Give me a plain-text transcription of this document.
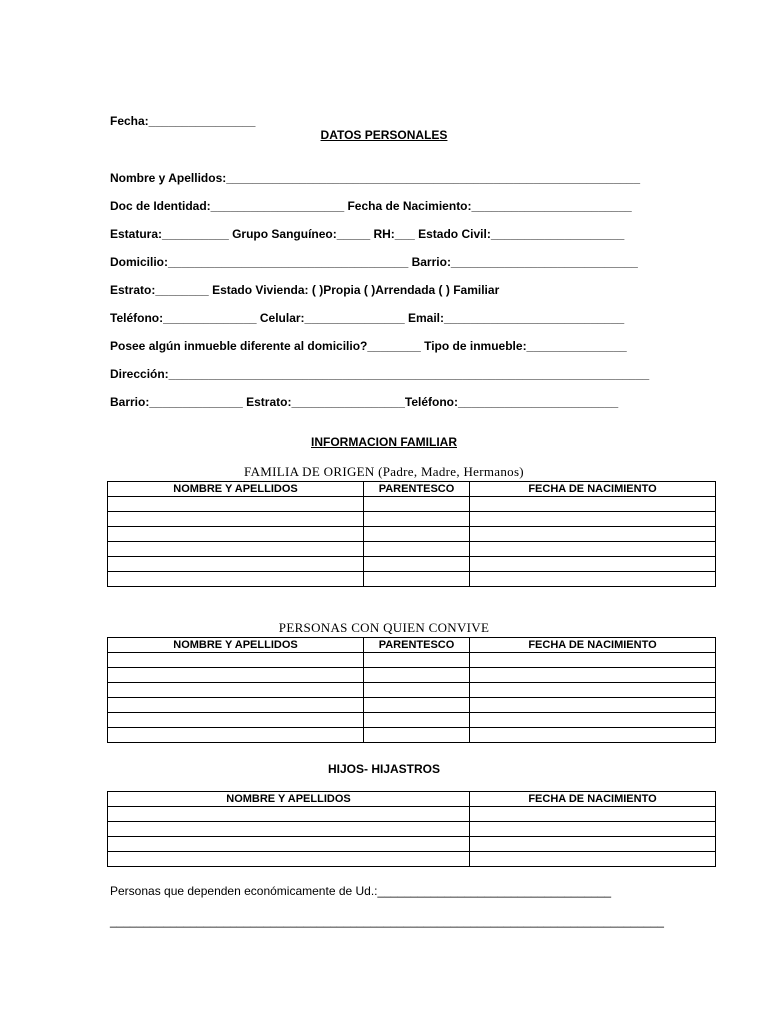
Fecha:________________
DATOS PERSONALES
Nombre y Apellidos:______________________________________________________________
Doc de Identidad:____________________ Fecha de Nacimiento:________________________
Estatura:__________ Grupo Sanguíneo:_____ RH:___ Estado Civil:____________________
Domicilio:____________________________________ Barrio:____________________________
Estrato:________ Estado Vivienda: ( )Propia ( )Arrendada ( ) Familiar
Teléfono:______________ Celular:_______________ Email:___________________________
Posee algún inmueble diferente al domicilio?________ Tipo de inmueble:_______________
Dirección:________________________________________________________________________
Barrio:______________ Estrato:_________________Teléfono:________________________
INFORMACION FAMILIAR
FAMILIA DE ORIGEN (Padre, Madre, Hermanos)
NOMBRE Y APELLIDOS	PARENTESCO	FECHA DE NACIMIENTO

PERSONAS CON QUIEN CONVIVE
NOMBRE Y APELLIDOS	PARENTESCO	FECHA DE NACIMIENTO

HIJOS- HIJASTROS
NOMBRE Y APELLIDOS	FECHA DE NACIMIENTO

Personas que dependen económicamente de Ud.:___________________________________
___________________________________________________________________________________
